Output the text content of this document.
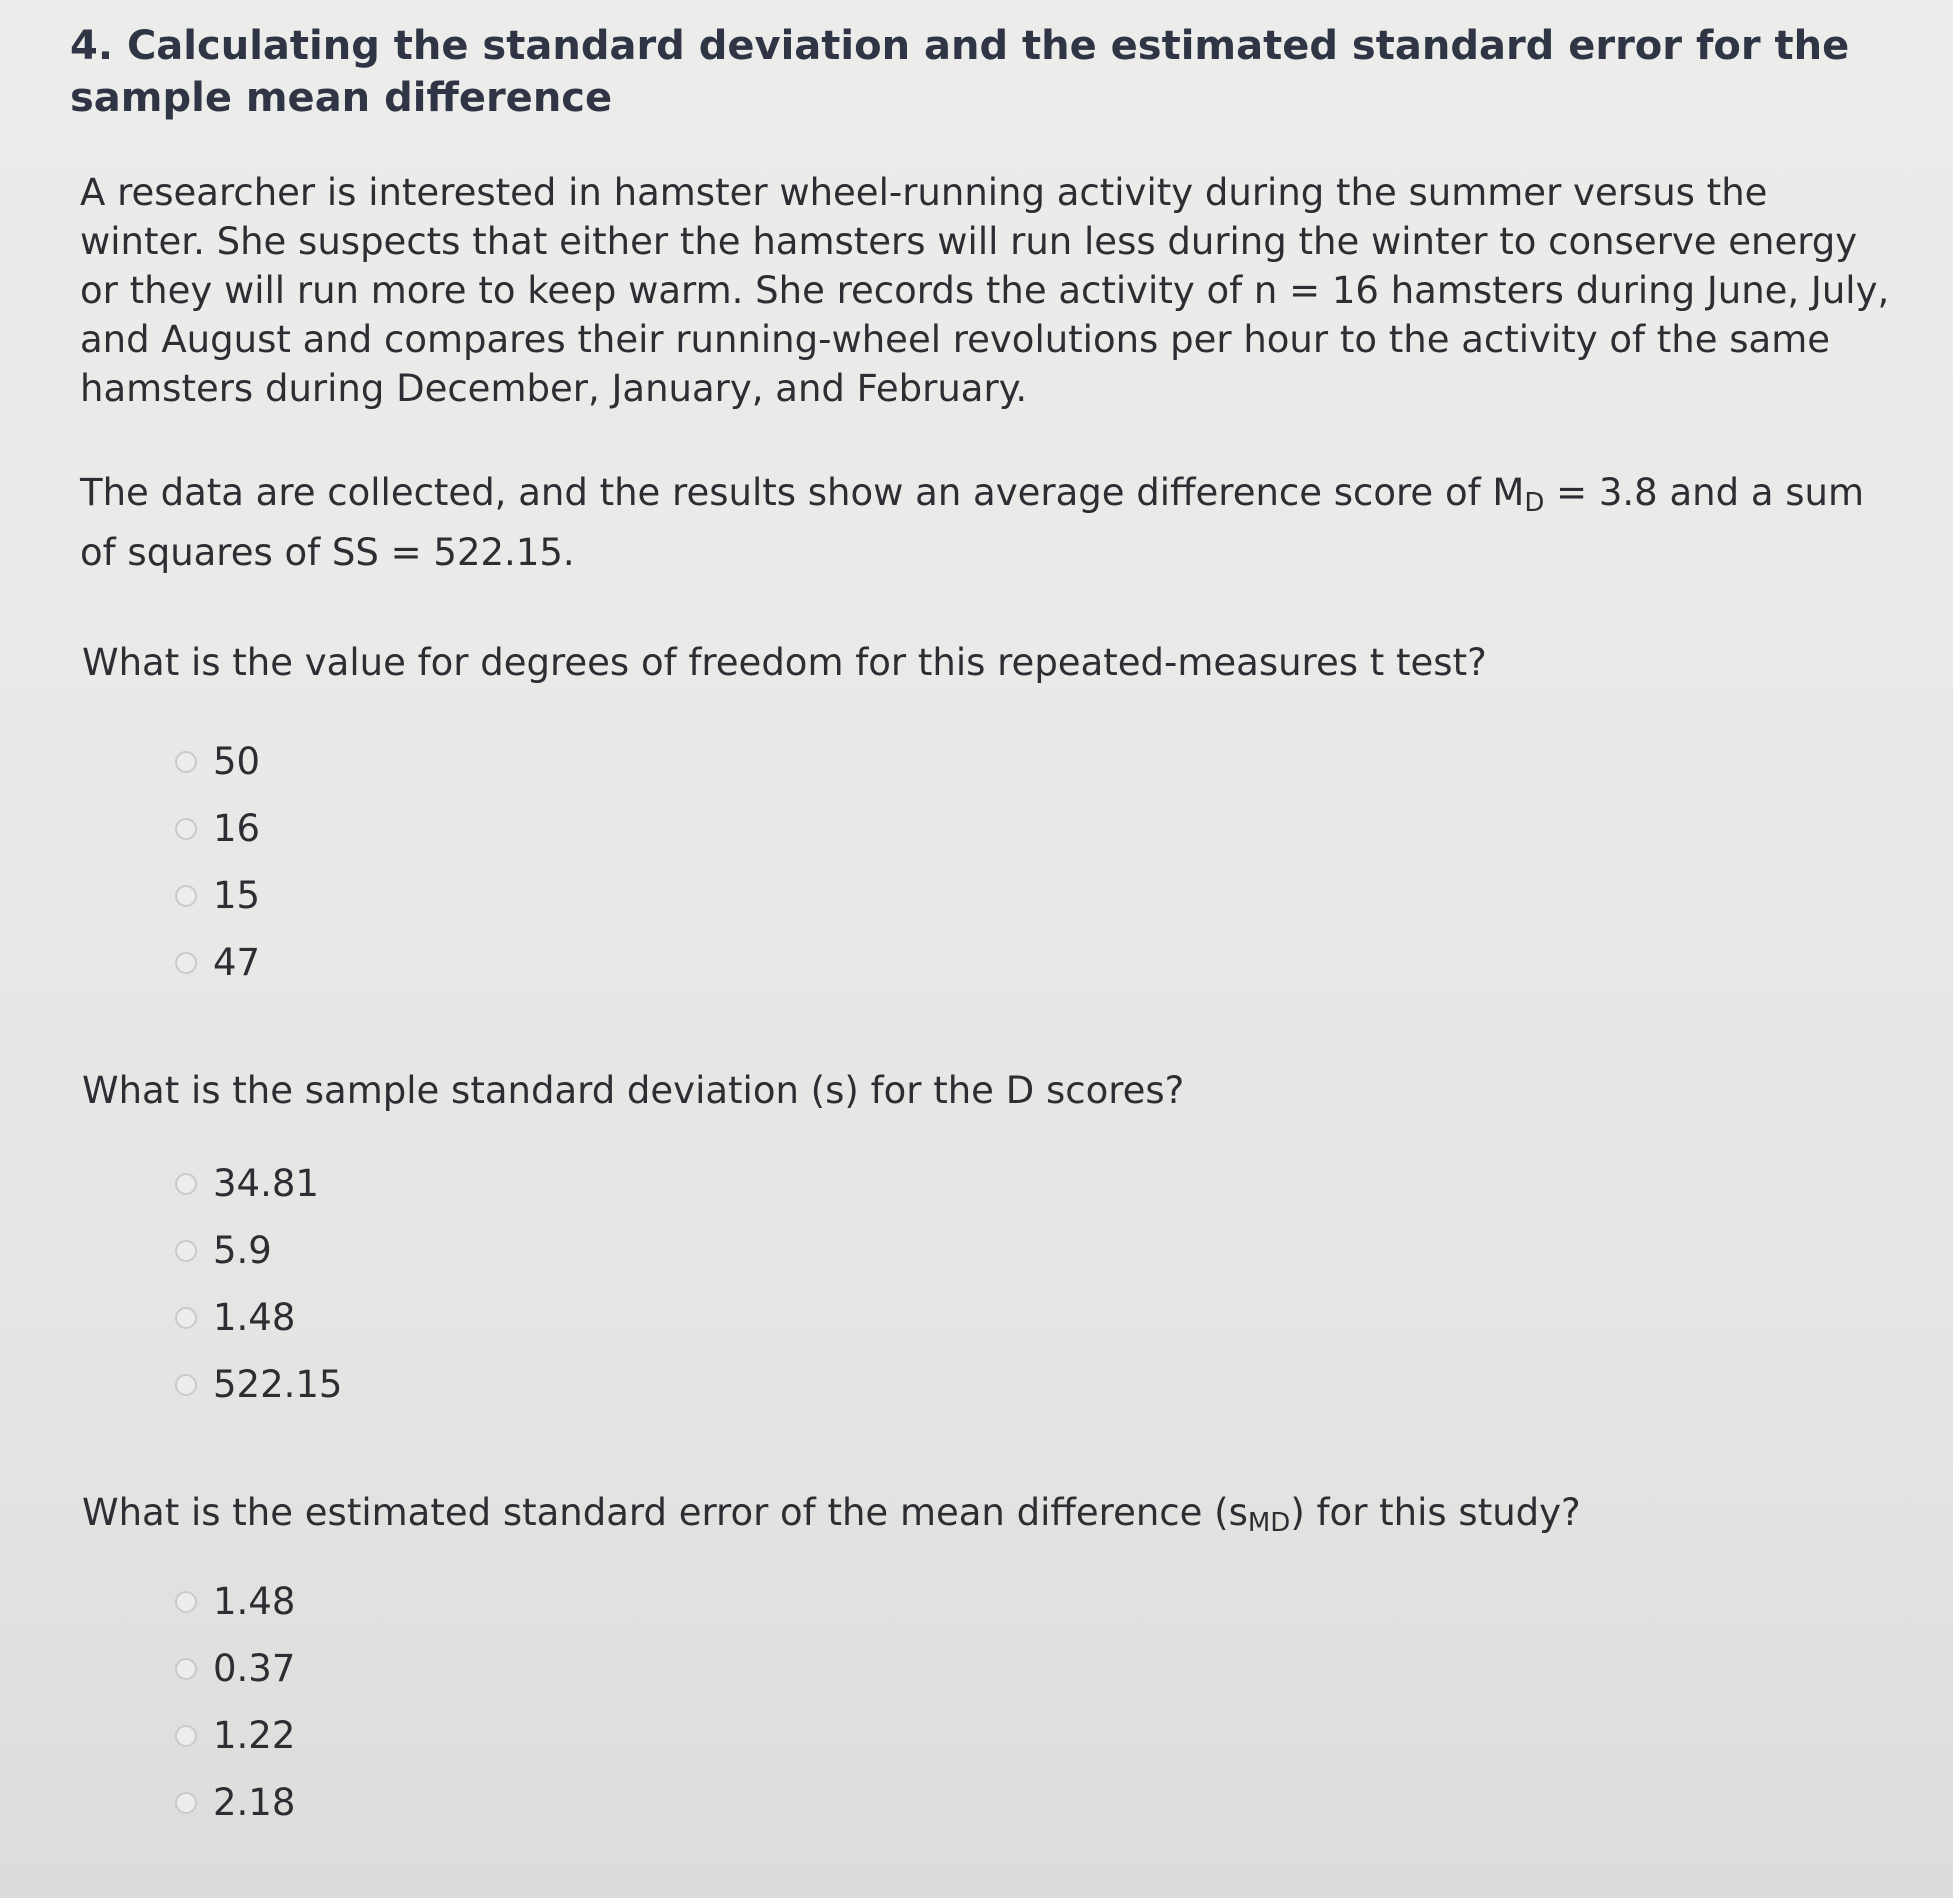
4. Calculating the standard deviation and the estimated standard error for the sample mean difference

A researcher is interested in hamster wheel-running activity during the summer versus the winter. She suspects that either the hamsters will run less during the winter to conserve energy or they will run more to keep warm. She records the activity of n = 16 hamsters during June, July, and August and compares their running-wheel revolutions per hour to the activity of the same hamsters during December, January, and February.

The data are collected, and the results show an average difference score of $M_D = 3.8$ and a sum of squares of SS = 522.15.

What is the value for degrees of freedom for this repeated-measures t test?

50
16
15
47

What is the sample standard deviation (s) for the D scores?

34.81
5.9
1.48
522.15

What is the estimated standard error of the mean difference $(s_{MD})$ for this study?

1.48
0.37
1.22
2.18
